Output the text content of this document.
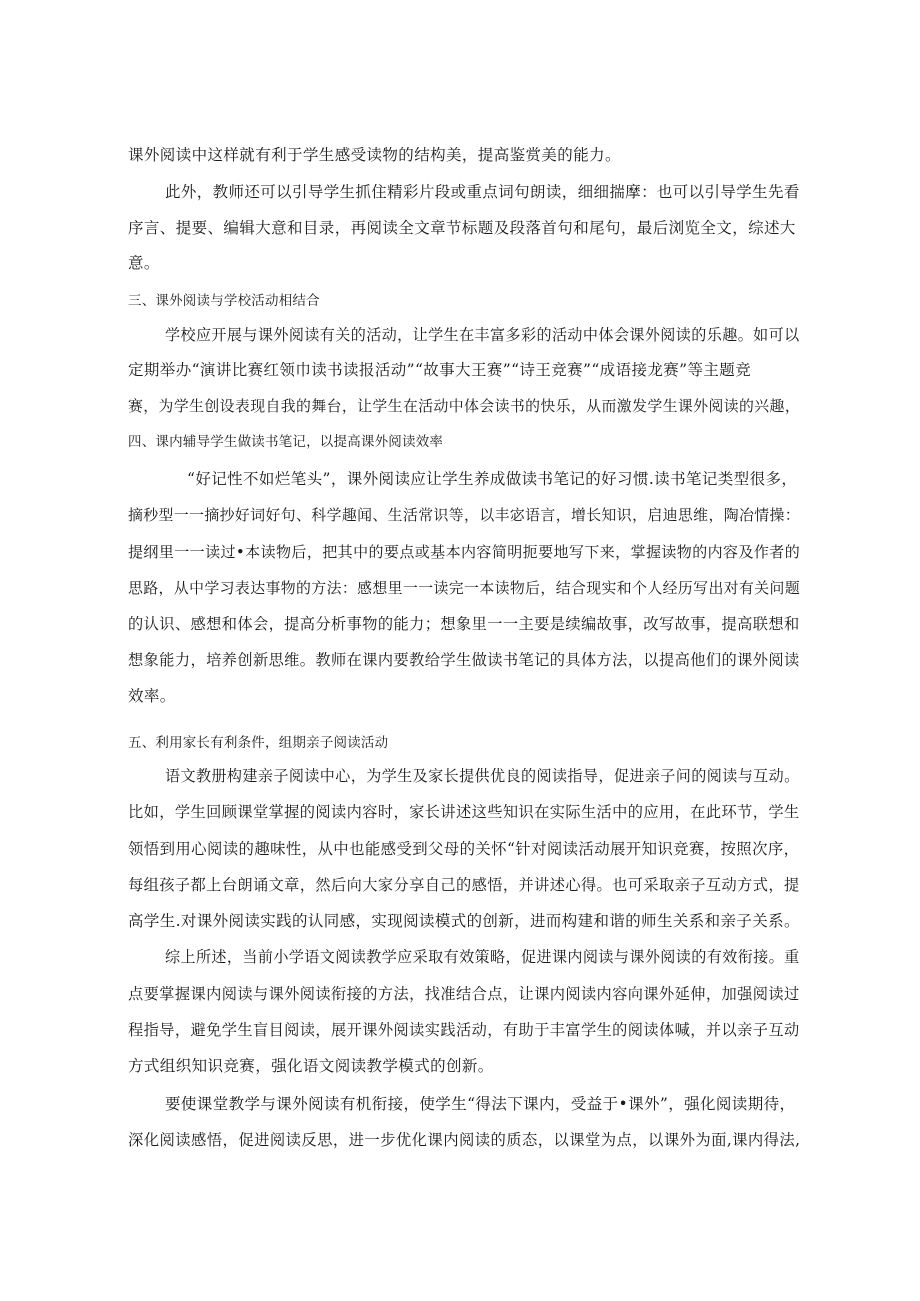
课外阅读中这样就有利于学生感受读物的结构美，提高鉴赏美的能力。
此外，教师还可以引导学生抓住精彩片段或重点词句朗读，细细揣摩：也可以引导学生先看
序言、提要、编辑大意和目录，再阅读全文章节标题及段落首句和尾句，最后浏览全文，综述大
意。
三、课外阅读与学校活动相结合
学校应开展与课外阅读有关的活动，让学生在丰富多彩的活动中体会课外阅读的乐趣。如可以
定期举办“演讲比赛红领巾读书读报活动”“故事大王赛”“诗王竞赛”“成语接龙赛”等主题竞
赛，为学生创设表现自我的舞台，让学生在活动中体会读书的快乐，从而激发学生课外阅读的兴趣，
四、课内辅导学生做读书笔记，以提高课外阅读效率
“好记性不如烂笔头”，课外阅读应让学生养成做读书笔记的好习惯.读书笔记类型很多，
摘秒型一一摘抄好词好句、科学趣闻、生活常识等，以丰宓语言，增长知识，启迪思维，陶冶情操：
提纲里一一读过•本读物后，把其中的要点或基本内容简明扼要地写下来，掌握读物的内容及作者的
思路，从中学习表达事物的方法：感想里一一读完一本读物后，结合现实和个人经历写出对有关问题
的认识、感想和体会，提高分析事物的能力；想象里一一主要是续编故事，改写故事，提高联想和
想象能力，培养创新思维。教师在课内要教给学生做读书笔记的具体方法，以提高他们的课外阅读
效率。
五、利用家长有利条件，组期亲子阅读活动
语文教册构建亲子阅读中心，为学生及家长提供优良的阅读指导，促进亲子问的阅读与互动。
比如，学生回顾课堂掌握的阅读内容时，家长讲述这些知识在实际生活中的应用，在此环节，学生
领悟到用心阅读的趣味性，从中也能感受到父母的关怀“针对阅读活动展开知识竞赛，按照次序，
每组孩子都上台朗诵文章，然后向大家分享自己的感悟，并讲述心得。也可采取亲子互动方式，提
高学生.对课外阅读实践的认同感，实现阅读模式的创新，进而构建和谐的师生关系和亲子关系。
综上所述，当前小学语文阅读教学应采取有效策略，促进课内阅读与课外阅读的有效衔接。重
点要掌握课内阅读与课外阅读衔接的方法，找准结合点，让课内阅读内容向课外延伸，加强阅读过
程指导，避免学生盲目阅读，展开课外阅读实践活动，有助于丰富学生的阅读体喊，并以亲子互动
方式组织知识竞赛，强化语文阅读教学模式的创新。
要使课堂教学与课外阅读有机衔接，使学生“得法下课内，受益于•课外”，强化阅读期待，
深化阅读感悟，促进阅读反思，进一步优化课内阅读的质态，以课堂为点，以课外为面,课内得法,
